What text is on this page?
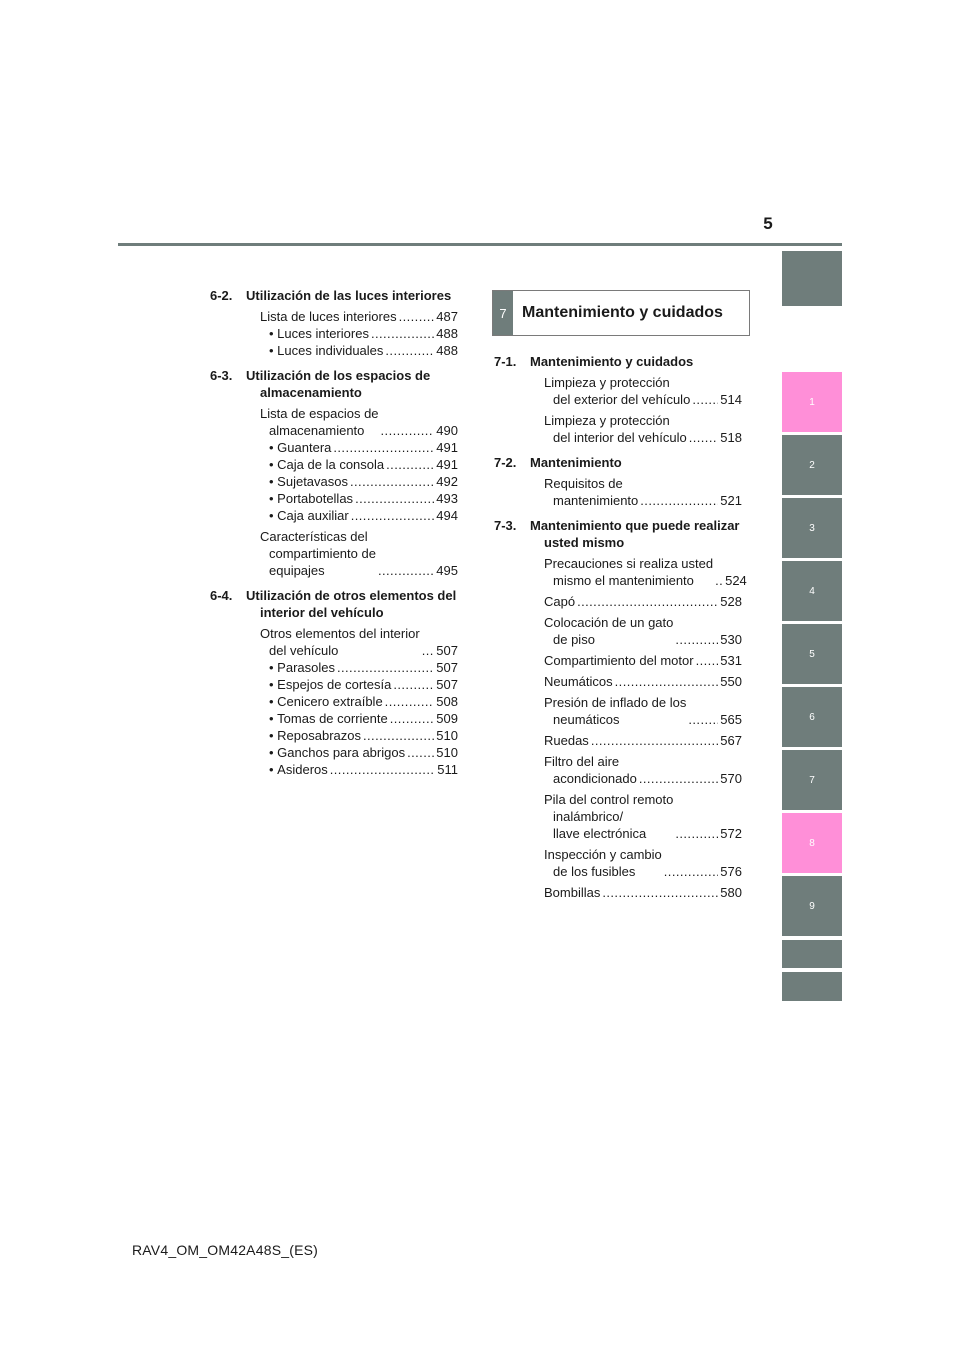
5
6-2.	Utilización de las luces interiores
Lista de luces interiores . . .	487
• Luces interiores . . .	488
• Luces individuales . . .	488
6-3.	Utilización de los espacios de almacenamiento
Lista de espacios de
almacenamiento . . .	490
• Guantera . . .	491
• Caja de la consola . . .	491
• Sujetavasos . . .	492
• Portabotellas . . .	493
• Caja auxiliar . . .	494
Características del
compartimiento de
equipajes . . .	495
6-4.	Utilización de otros elementos del interior del vehículo
Otros elementos del interior
del vehículo . . .	507
• Parasoles . . .	507
• Espejos de cortesía . . .	507
• Cenicero extraíble . . .	508
• Tomas de corriente . . .	509
• Reposabrazos . . .	510
• Ganchos para abrigos . . . 510
• Asideros . . .	511
7 Mantenimiento y cuidados
7-1.	Mantenimiento y cuidados
Limpieza y protección
del exterior del vehículo . . . 514
Limpieza y protección
del interior del vehículo . . .	518
7-2.	Mantenimiento
Requisitos de
mantenimiento . . .	521
7-3.	Mantenimiento que puede realizar usted mismo
Precauciones si realiza usted
mismo el mantenimiento . . .	524
Capó . . .	528
Colocación de un gato
de piso . . .	530
Compartimiento del motor . . . 531
Neumáticos . . .	550
Presión de inflado de los
neumáticos . . .	565
Ruedas . . .	567
Filtro del aire
acondicionado . . .	570
Pila del control remoto
inalámbrico/
llave electrónica . . .	572
Inspección y cambio
de los fusibles . . .	576
Bombillas . . .	580
1
2
3
4
5
6
7
8
9
RAV4_OM_OM42A48S_(ES)
